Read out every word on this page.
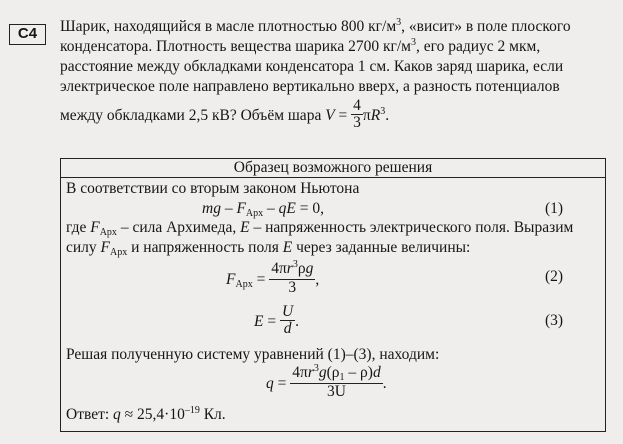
C4	Шарик, находящийся в масле плотностью 800 $кг/м^3$, «висит» в поле плоского
конденсатора. Плотность вещества шарика 2700 $кг/м^3$, его радиус 2 мкм,
расстояние между обкладками конденсатора 1 см. Каков заряд шарика, если
электрическое поле направлено вертикально вверх, а разность потенциалов
между обкладками 2,5 кВ? Объём шара $V = \frac{4}{3} \pi R^3$.
Образец возможного решения
В соответствии со вторым законом Ньютона
mg – $F_{Арх}$ – qE = 0,	(1)
где $F_{Арх}$ – сила Архимеда, E – напряженность электрического поля. Выразим
силу $F_{Арх}$ и напряженность поля E через заданные величины:
$F_{Арх} = \frac{4\pi r^3\rho g}{3}$ ,	(2)
$E = \frac{U}{d}$ .	(3)
Решая полученную систему уравнений (1)–(3), находим:
$q = \frac{4\pi r^3g(\rho_1 - \rho)d}{3U}$ .
Ответ: $q \approx 25,4\cdot 10^{-19}$ Кл.
